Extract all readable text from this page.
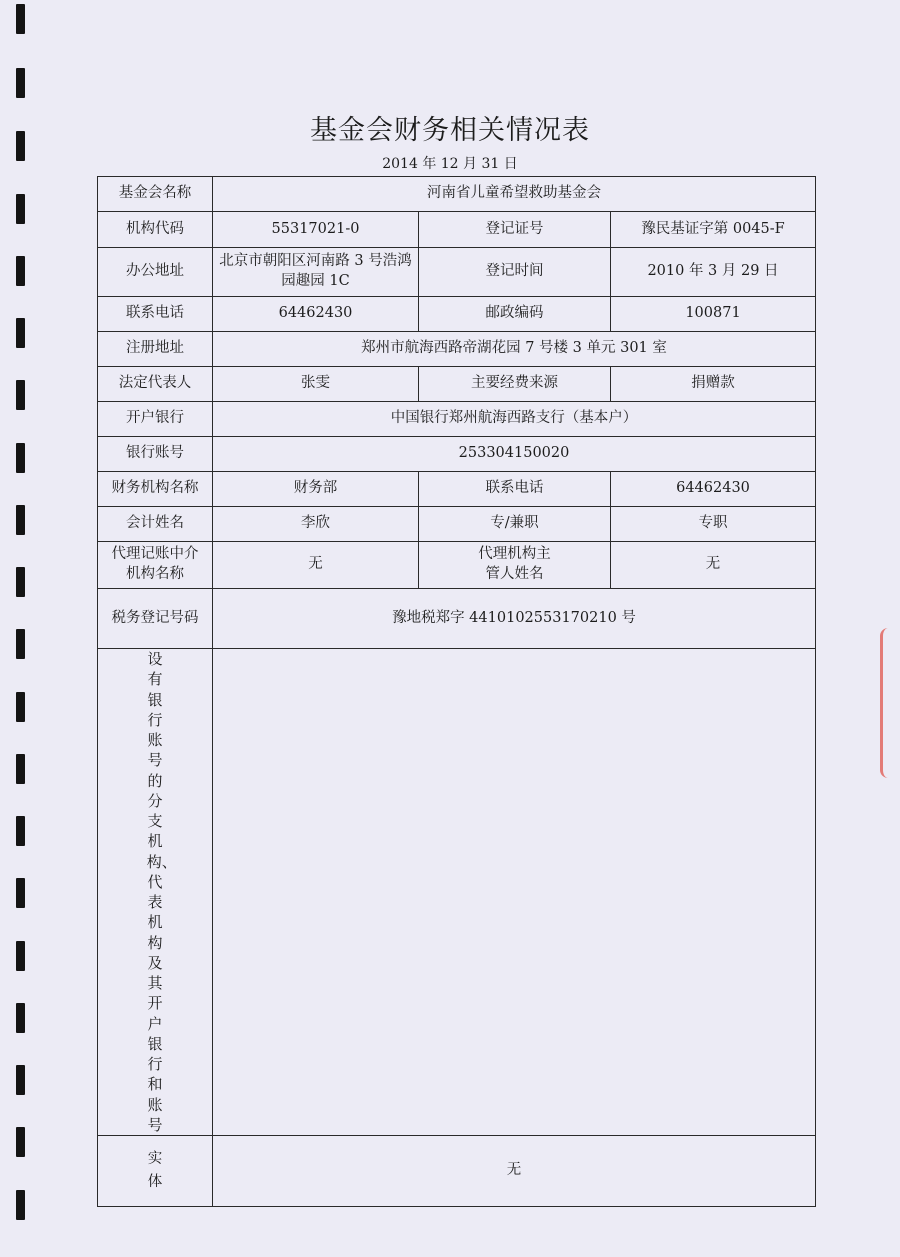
基金会财务相关情况表
2014 年 12 月 31 日
基金会名称	河南省儿童希望救助基金会		
机构代码	55317021-0	登记证号	豫民基证字第 0045-F
办公地址	北京市朝阳区河南路 3 号浩鸿园趣园 1C	登记时间	2010 年 3 月 29 日
联系电话	64462430	邮政编码	100871
注册地址	郑州市航海西路帝湖花园 7 号楼 3 单元 301 室		
法定代表人	张雯	主要经费来源	捐赠款
开户银行	中国银行郑州航海西路支行（基本户）		
银行账号	253304150020		
财务机构名称	财务部	联系电话	64462430
会计姓名	李欣	专/兼职	专职
代理记账中介机构名称	无	代理机构主管人姓名	无
税务登记号码	豫地税郑字 4410102553170210 号		
设有银行账号的分支机构、代表机构及其开户银行和账号			
实体	无		
